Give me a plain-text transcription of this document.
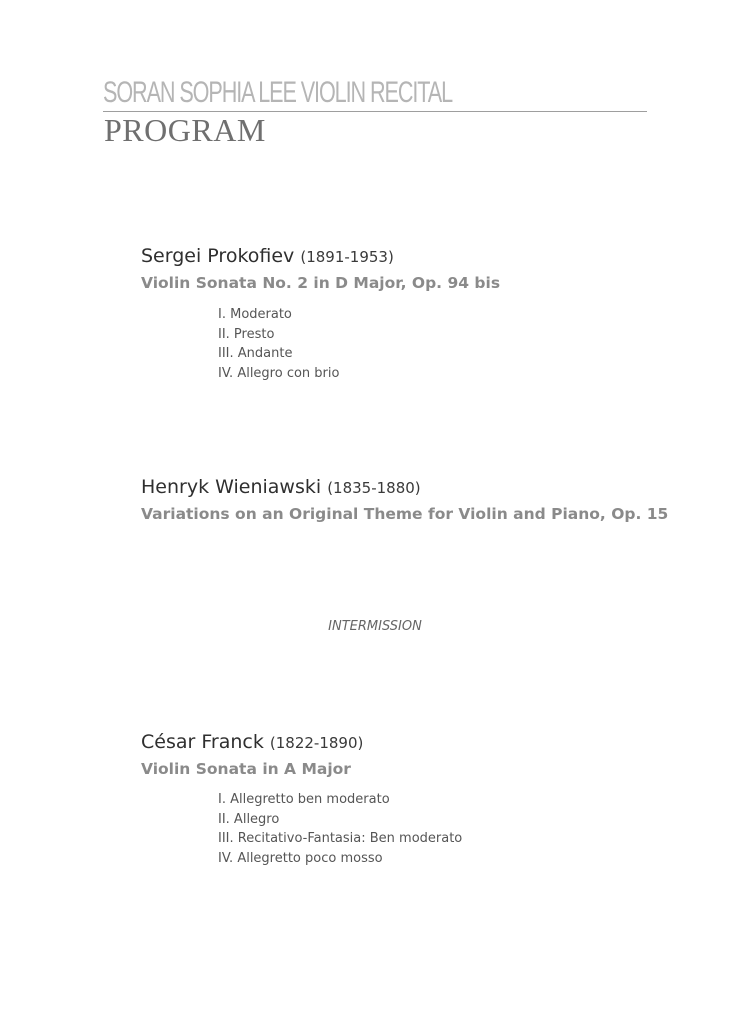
SORAN SOPHIA LEE VIOLIN RECITAL
PROGRAM
Sergei Prokofiev (1891-1953)
Violin Sonata No. 2 in D Major, Op. 94 bis
I. Moderato
II. Presto
III. Andante
IV. Allegro con brio
Henryk Wieniawski (1835-1880)
Variations on an Original Theme for Violin and Piano, Op. 15
INTERMISSION
César Franck (1822-1890)
Violin Sonata in A Major
I. Allegretto ben moderato
II. Allegro
III. Recitativo-Fantasia: Ben moderato
IV. Allegretto poco mosso
